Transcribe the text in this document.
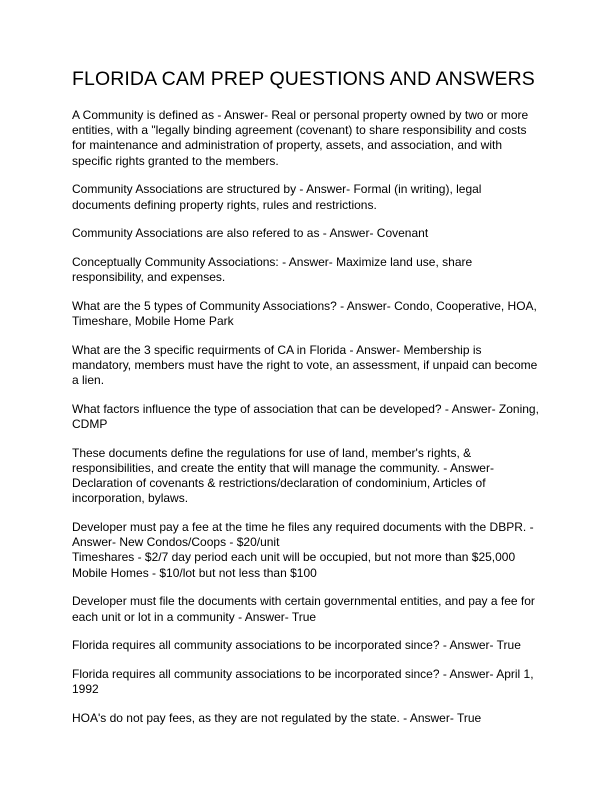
FLORIDA CAM PREP QUESTIONS AND ANSWERS

A Community is defined as - Answer- Real or personal property owned by two or more entities, with a "legally binding agreement (covenant) to share responsibility and costs for maintenance and administration of property, assets, and association, and with specific rights granted to the members.

Community Associations are structured by - Answer- Formal (in writing), legal documents defining property rights, rules and restrictions.

Community Associations are also refered to as - Answer- Covenant

Conceptually Community Associations: - Answer- Maximize land use, share responsibility, and expenses.

What are the 5 types of Community Associations? - Answer- Condo, Cooperative, HOA, Timeshare, Mobile Home Park

What are the 3 specific requirments of CA in Florida - Answer- Membership is mandatory, members must have the right to vote, an assessment, if unpaid can become a lien.

What factors influence the type of association that can be developed? - Answer- Zoning, CDMP

These documents define the regulations for use of land, member's rights, & responsibilities, and create the entity that will manage the community. - Answer- Declaration of covenants & restrictions/declaration of condominium, Articles of incorporation, bylaws.

Developer must pay a fee at the time he files any required documents with the DBPR. - Answer- New Condos/Coops - $20/unit

Timeshares - $2/7 day period each unit will be occupied, but not more than $25,000

Mobile Homes - $10/lot but not less than $100

Developer must file the documents with certain governmental entities, and pay a fee for each unit or lot in a community - Answer- True

Florida requires all community associations to be incorporated since? - Answer- True

Florida requires all community associations to be incorporated since? - Answer- April 1, 1992

HOA's do not pay fees, as they are not regulated by the state. - Answer- True
